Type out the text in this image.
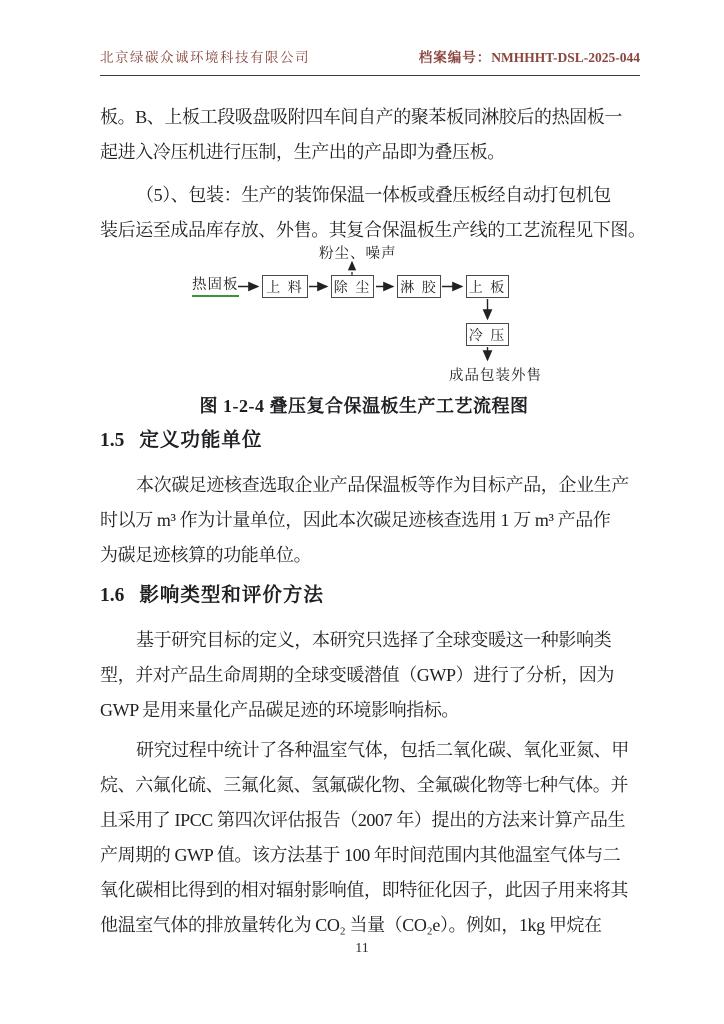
北京绿碳众诚环境科技有限公司	档案编号：NMHHHT-DSL-2025-044
板。B、上板工段吸盘吸附四车间自产的聚苯板同淋胶后的热固板一
起进入冷压机进行压制，生产出的产品即为叠压板。
（5）、包装：生产的装饰保温一体板或叠压板经自动打包机包
装后运至成品库存放、外售。其复合保温板生产线的工艺流程见下图。
粉尘、噪声
热固板	上 料	除 尘 淋 胶 上 板
冷 压
成品包装外售
图 1-2-4 叠压复合保温板生产工艺流程图
1.5 定义功能单位
本次碳足迹核查选取企业产品保温板等作为目标产品，企业生产
时以万 m³ 作为计量单位，因此本次碳足迹核查选用 1 万 m³ 产品作
为碳足迹核算的功能单位。
1.6 影响类型和评价方法
基于研究目标的定义，本研究只选择了全球变暖这一种影响类
型，并对产品生命周期的全球变暖潜值（GWP）进行了分析，因为
GWP 是用来量化产品碳足迹的环境影响指标。
研究过程中统计了各种温室气体，包括二氧化碳、氧化亚氮、甲
烷、六氟化硫、三氟化氮、氢氟碳化物、全氟碳化物等七种气体。并
且采用了 IPCC 第四次评估报告（2007 年）提出的方法来计算产品生
产周期的 GWP 值。该方法基于 100 年时间范围内其他温室气体与二
氧化碳相比得到的相对辐射影响值，即特征化因子，此因子用来将其
他温室气体的排放量转化为 CO₂ 当量（CO₂e）。例如，1kg 甲烷在
11
